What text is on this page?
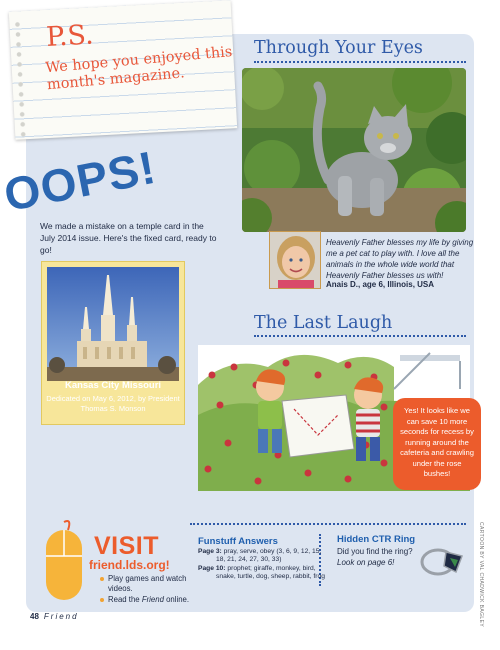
P.S.
We hope you enjoyed this month's magazine.
Through Your Eyes
Heavenly Father blesses my life by giving me a pet cat to play with. I love all the animals in the whole wide world that Heavenly Father blesses us with!
Anais D., age 6, Illinois, USA
OOPS!
We made a mistake on a temple card in the July 2014 issue. Here's the fixed card, ready to go!
Kansas City Missouri
Dedicated on May 6, 2012, by President Thomas S. Monson
The Last Laugh
Yes! It looks like we can save 10 more seconds for recess by running around the cafeteria and crawling under the rose bushes!
VISIT
friend.lds.org!
Play games and watch videos.
Read the Friend online.
Funstuff Answers
Page 3: pray, serve, obey (3, 6, 9, 12, 15,
18, 21, 24, 27, 30, 33)
Page 10: prophet; giraffe, monkey, bird,
snake, turtle, dog, sheep, rabbit, frog
Hidden CTR Ring
Did you find the ring?
Look on page 6!	CARTOON BY VAL CHADWICK BAGLEY
48 Friend
